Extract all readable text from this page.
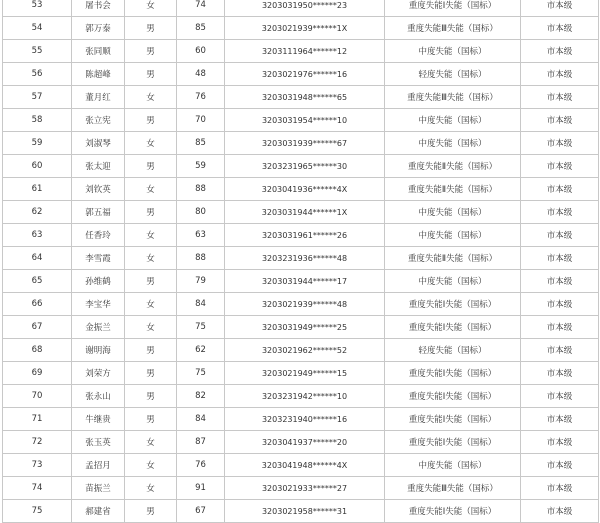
53	屠书会	女	74	3203031950******23	重度失能Ⅰ失能（国标）	市本级
54	郭万泰	男	85	3203021939******1X	重度失能Ⅲ失能（国标）	市本级
55	张同顺	男	60	3203111964******12	中度失能（国标）	市本级
56	陈超峰	男	48	3203021976******16	轻度失能（国标）	市本级
57	董月红	女	76	3203031948******65	重度失能Ⅲ失能（国标）	市本级
58	张立宪	男	70	3203031954******10	中度失能（国标）	市本级
59	刘淑琴	女	85	3203031939******67	中度失能（国标）	市本级
60	张太迎	男	59	3203231965******30	重度失能Ⅱ失能（国标）	市本级
61	刘钦英	女	88	3203041936******4X	重度失能Ⅱ失能（国标）	市本级
62	郭五福	男	80	3203031944******1X	中度失能（国标）	市本级
63	任香玲	女	63	3203031961******26	中度失能（国标）	市本级
64	李雪霞	女	88	3203231936******48	重度失能Ⅱ失能（国标）	市本级
65	孙维鹤	男	79	3203031944******17	中度失能（国标）	市本级
66	李宝华	女	84	3203021939******48	重度失能Ⅰ失能（国标）	市本级
67	金振兰	女	75	3203031949******25	重度失能Ⅰ失能（国标）	市本级
68	谢明海	男	62	3203021962******52	轻度失能（国标）	市本级
69	刘荣方	男	75	3203021949******15	重度失能Ⅰ失能（国标）	市本级
70	张永山	男	82	3203231942******10	重度失能Ⅰ失能（国标）	市本级
71	牛继贵	男	84	3203231940******16	重度失能Ⅰ失能（国标）	市本级
72	张玉英	女	87	3203041937******20	重度失能Ⅰ失能（国标）	市本级
73	孟招月	女	76	3203041948******4X	中度失能（国标）	市本级
74	苗振兰	女	91	3203021933******27	重度失能Ⅲ失能（国标）	市本级
75	郝建省	男	67	3203021958******31	重度失能Ⅰ失能（国标）	市本级
